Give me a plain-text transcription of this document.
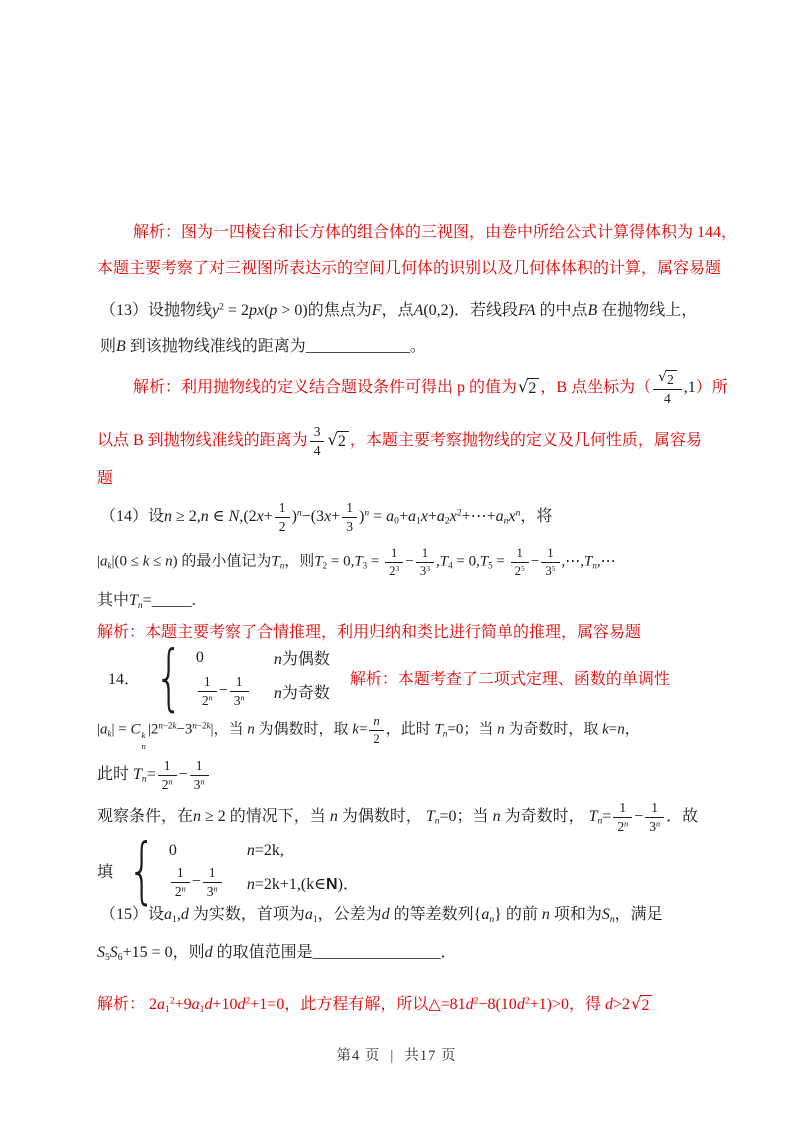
解析：图为一四棱台和长方体的组合体的三视图，由卷中所给公式计算得体积为 144，
本题主要考察了对三视图所表达示的空间几何体的识别以及几何体体积的计算，属容易题
（13）设抛物线$y^2 = 2px(p > 0)$的焦点为F，点A(0,2)．若线段FA 的中点B 在抛物线上，
则B 到该抛物线准线的距离为_____________。
解析：利用抛物线的定义结合题设条件可得出 p 的值为 √ 2 ，B 点坐标为（ $\frac{√ 2}{4} ,1$）所
以点 B 到抛物线准线的距离为 $\frac{3}{4}$ √ 2 ，本题主要考察抛物线的定义及几何性质，属容易
题
（14）设n ≥ 2,n ∈ $N,(2x+ \frac{1}{2} )^n-(3x+ \frac{1}{3} )^n$ = $a_0+a_1x+a_2x^2+\cdots+a_nx^n$，将
$|a_k|(0 \le k \le n)$ 的最小值记为$T_n$，则$T_2 = 0,T_3 = \frac{1}{2^3} - \frac{1}{3^3} ,T_4 = 0,T_5 = \frac{1}{2^5} - \frac{1}{3^5}$ $,\cdots,T_n,\cdots$
其中$T_n=\_\_\_\_\_$.
解析：本题主要考察了合情推理，利用归纳和类比进行简单的推理，属容易题
14． { 0	n为偶数
$\frac{1}{2^n} - \frac{1}{3^n}$ n为奇数
解析：本题考查了二项式定理、函数的单调性
$|a_k| = C$ k
n
$|2^{n-2k}-3^{n-2k}|$，当 n 为偶数时，取 $k= \frac{n}{2}$ ，此时 $T_n=0$；当 n 为奇数时，取 k=n，
此时 $T_n= \frac{1}{2^n} - \frac{1}{3^n}$
观察条件，在n ≥ 2 的情况下，当 n 为偶数时， $T_n=0$；当 n 为奇数时， $T_n= \frac{1}{2^n} - \frac{1}{3^n}$ ．故
填 { 0	n=2k,
$\frac{1}{2^n} - \frac{1}{3^n}$ n=2k+1,(k∈N)．
（15）设$a_1,d$ 为实数，首项为$a_1$，公差为d 的等差数列$\{a_n\}$ 的前 n 项和为$S_n$，满足
$S_5S_6+15 = 0$，则d 的取值范围是________________．
解析： $2a_1^2+9a_1d+10d^2+1=0$，此方程有解，所以$\triangle=81d^2-8(10d^2+1)>0$，得 d>2 √ 2
第4 页 | 共17 页
